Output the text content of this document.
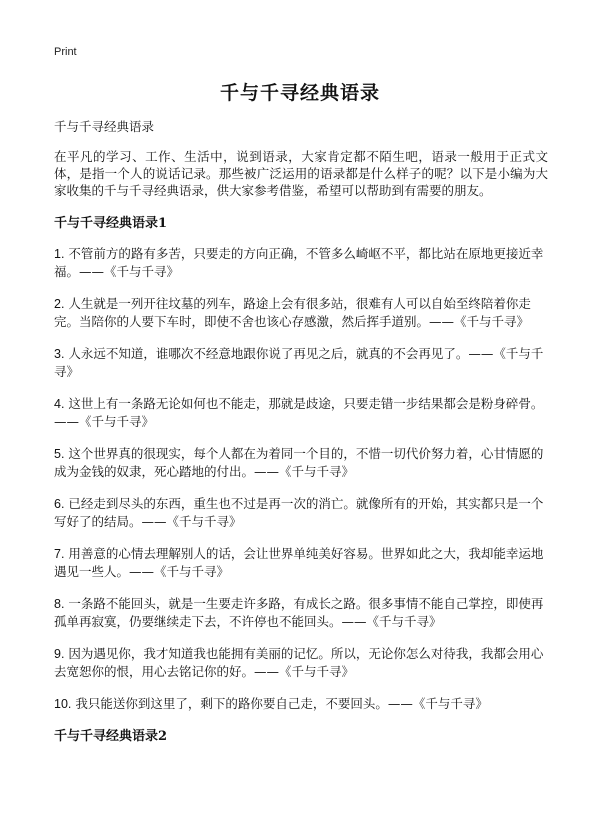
Print
千与千寻经典语录

千与千寻经典语录

在平凡的学习、工作、生活中，说到语录，大家肯定都不陌生吧，语录一般用于正式文体，是指一个人的说话记录。那些被广泛运用的语录都是什么样子的呢？以下是小编为大家收集的千与千寻经典语录，供大家参考借鉴，希望可以帮助到有需要的朋友。

千与千寻经典语录1
1. 不管前方的路有多苦，只要走的方向正确，不管多么崎岖不平，都比站在原地更接近幸福。——《千与千寻》
2. 人生就是一列开往坟墓的列车，路途上会有很多站，很难有人可以自始至终陪着你走完。当陪你的人要下车时，即使不舍也该心存感激，然后挥手道别。——《千与千寻》
3. 人永远不知道，谁哪次不经意地跟你说了再见之后，就真的不会再见了。——《千与千寻》
4. 这世上有一条路无论如何也不能走，那就是歧途，只要走错一步结果都会是粉身碎骨。——《千与千寻》
5. 这个世界真的很现实，每个人都在为着同一个目的，不惜一切代价努力着，心甘情愿的成为金钱的奴隶，死心踏地的付出。——《千与千寻》
6. 已经走到尽头的东西，重生也不过是再一次的消亡。就像所有的开始，其实都只是一个写好了的结局。——《千与千寻》
7. 用善意的心情去理解别人的话，会让世界单纯美好容易。世界如此之大，我却能幸运地遇见一些人。——《千与千寻》
8. 一条路不能回头，就是一生要走许多路，有成长之路。很多事情不能自己掌控，即使再孤单再寂寞，仍要继续走下去，不许停也不能回头。——《千与千寻》
9. 因为遇见你，我才知道我也能拥有美丽的记忆。所以，无论你怎么对待我，我都会用心去宽恕你的恨，用心去铭记你的好。——《千与千寻》
10. 我只能送你到这里了，剩下的路你要自己走，不要回头。——《千与千寻》
千与千寻经典语录2
